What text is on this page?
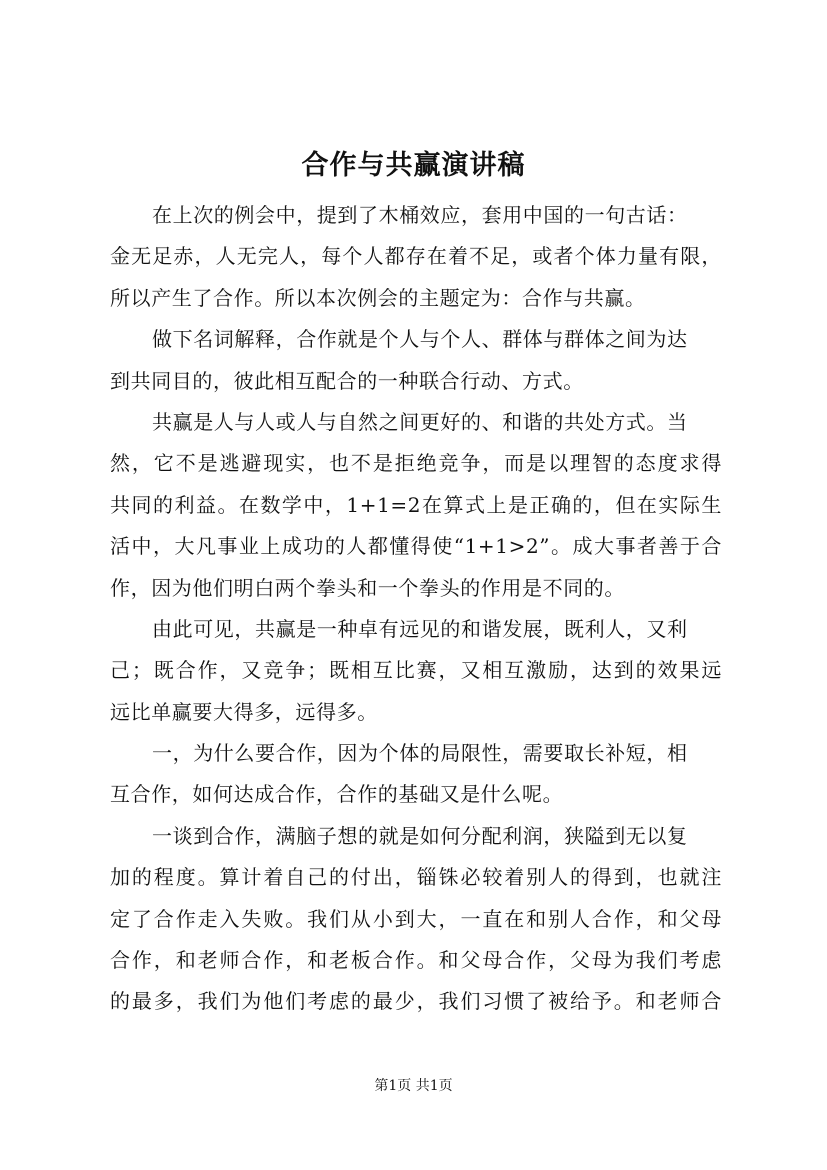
合作与共赢演讲稿
在上次的例会中，提到了木桶效应，套用中国的一句古话：
金无足赤，人无完人，每个人都存在着不足，或者个体力量有限，
所以产生了合作。所以本次例会的主题定为：合作与共赢。
做下名词解释，合作就是个人与个人、群体与群体之间为达
到共同目的，彼此相互配合的一种联合行动、方式。
共赢是人与人或人与自然之间更好的、和谐的共处方式。当
然，它不是逃避现实，也不是拒绝竞争，而是以理智的态度求得
共同的利益。在数学中，1+1=2在算式上是正确的，但在实际生
活中，大凡事业上成功的人都懂得使“1+1>2”。成大事者善于合
作，因为他们明白两个拳头和一个拳头的作用是不同的。
由此可见，共赢是一种卓有远见的和谐发展，既利人，又利
己；既合作，又竞争；既相互比赛，又相互激励，达到的效果远
远比单赢要大得多，远得多。
一，为什么要合作，因为个体的局限性，需要取长补短，相
互合作，如何达成合作，合作的基础又是什么呢。
一谈到合作，满脑子想的就是如何分配利润，狭隘到无以复
加的程度。算计着自己的付出，锱铢必较着别人的得到，也就注
定了合作走入失败。我们从小到大，一直在和别人合作，和父母
合作，和老师合作，和老板合作。和父母合作，父母为我们考虑
的最多，我们为他们考虑的最少，我们习惯了被给予。和老师合
第1页 共1页
